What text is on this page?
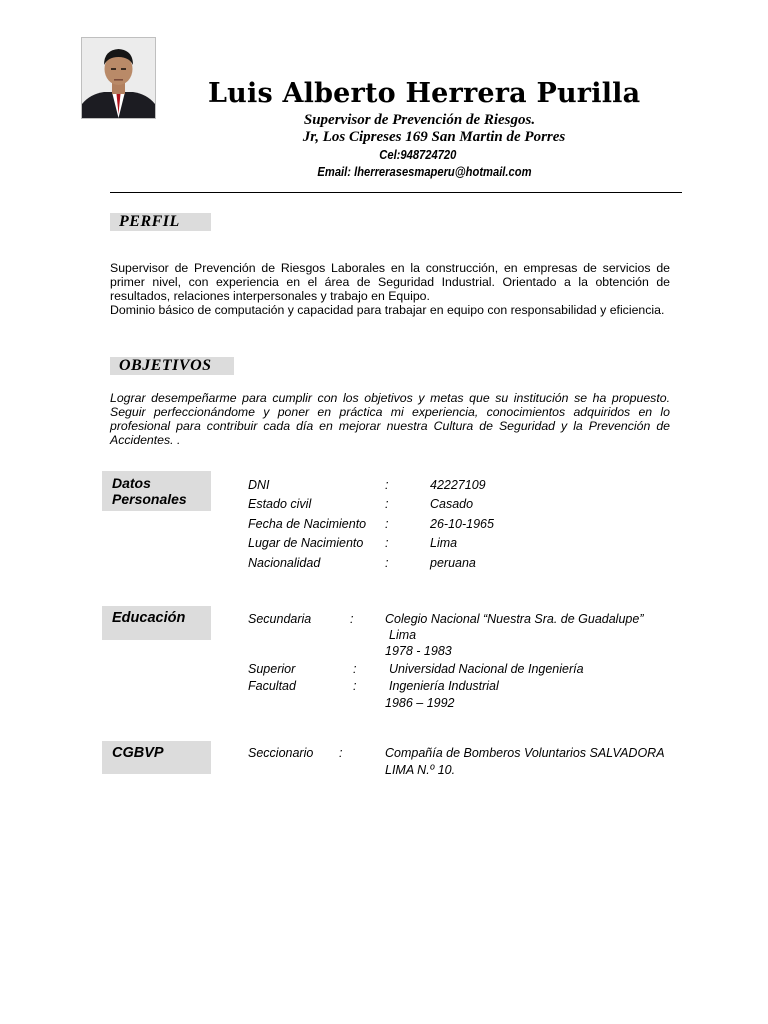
Luis Alberto Herrera Purilla
Supervisor de Prevención de Riesgos.
Jr, Los Cipreses 169 San Martin de Porres
Cel:948724720
Email: lherrerasesmaperu@hotmail.com
PERFIL

Supervisor de Prevención de Riesgos Laborales en la construcción, en empresas de servicios de primer nivel, con experiencia en el área de Seguridad Industrial. Orientado a la obtención de resultados, relaciones interpersonales y trabajo en Equipo.

Dominio básico de computación y capacidad para trabajar en equipo con responsabilidad y eficiencia.

OBJETIVOS

Lograr desempeñarme para cumplir con los objetivos y metas que su institución se ha propuesto. Seguir perfeccionándome y poner en práctica mi experiencia, conocimientos adquiridos en lo profesional para contribuir cada día en mejorar nuestra Cultura de Seguridad y la Prevención de Accidentes. .

Datos
Personales
DNI	:	42227109
Estado civil	:	Casado
Fecha de Nacimiento :	26-10-1965
Lugar de Nacimiento :	Lima
Nacionalidad	:	peruana
Educación	Secundaria	:	Colegio Nacional “Nuestra Sra. de Guadalupe”
Lima
1978 - 1983
Superior	:	Universidad Nacional de Ingeniería
Facultad	:	Ingeniería Industrial
1986 – 1992
CGBVP	Seccionario :	Compañía de Bomberos Voluntarios SALVADORA
LIMA N.º 10.
